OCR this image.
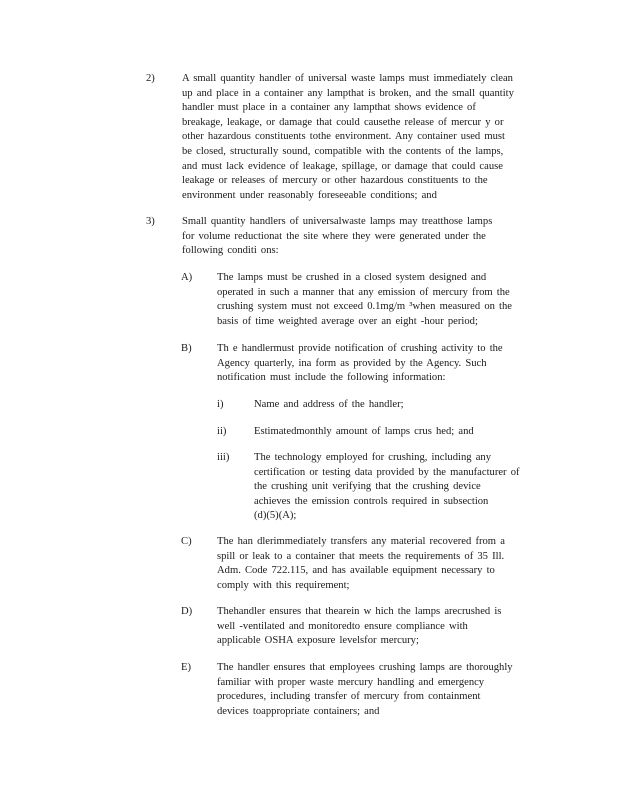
2)	A small quantity handler of universal waste lamps must immediately clean
up and place in a container any lampthat is broken, and the small quantity
handler must place in a container any lampthat shows evidence of
breakage, leakage, or damage that could causethe release of mercur y or
other hazardous constituents tothe environment. Any container used must
be closed, structurally sound, compatible with the contents of the lamps,
and must lack evidence of leakage, spillage, or damage that could cause
leakage or releases of mercury or other hazardous constituents to the
environment under reasonably foreseeable conditions; and
3)	Small quantity handlers of universalwaste lamps may treatthose lamps
for volume reductionat the site where they were generated under the
following conditi ons:
A) The lamps must be crushed in a closed system designed and
operated in such a manner that any emission of mercury from the
crushing system must not exceed 0.1mg/m ³when measured on the
basis of time weighted average over an eight -hour period;
B) Th e handlermust provide notification of crushing activity to the
Agency quarterly, ina form as provided by the Agency. Such
notification must include the following information:
i)	Name and address of the handler;
ii)	Estimatedmonthly amount of lamps crus hed; and
iii) The technology employed for crushing, including any
certification or testing data provided by the manufacturer of
the crushing unit verifying that the crushing device
achieves the emission controls required in subsection
(d)(5)(A);
C) The han dlerimmediately transfers any material recovered from a
spill or leak to a container that meets the requirements of 35 Ill.
Adm. Code 722.115, and has available equipment necessary to
comply with this requirement;
D) Thehandler ensures that thearein w hich the lamps arecrushed is
well -ventilated and monitoredto ensure compliance with
applicable OSHA exposure levelsfor mercury;
E) The handler ensures that employees crushing lamps are thoroughly
familiar with proper waste mercury handling and emergency
procedures, including transfer of mercury from containment
devices toappropriate containers; and
